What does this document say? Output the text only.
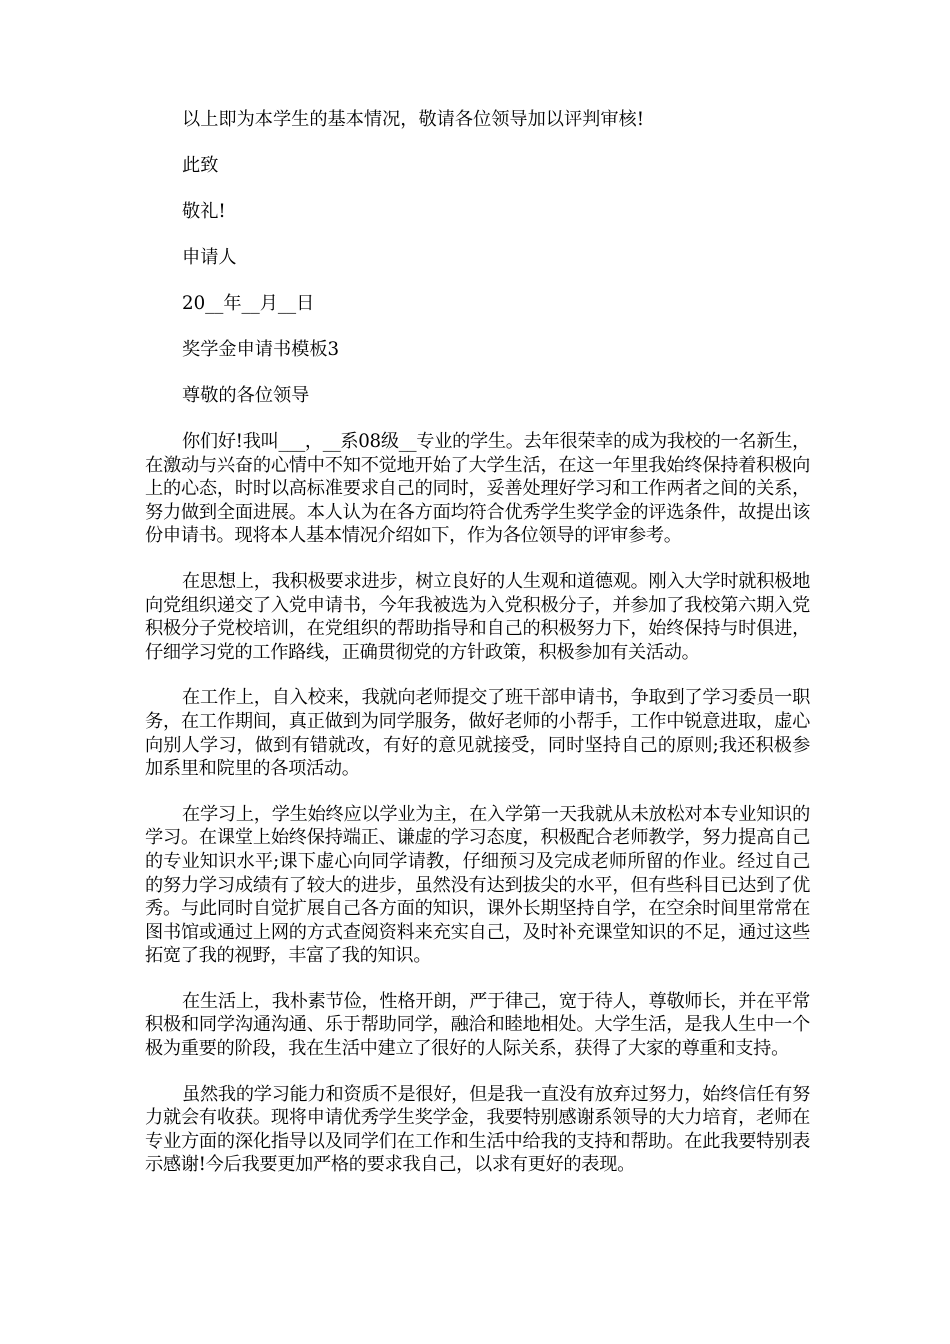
以上即为本学生的基本情况，敬请各位领导加以评判审核!

此致

敬礼!

申请人

20__年__月__日

奖学金申请书模板3

尊敬的各位领导

你们好!我叫___，__系08级__专业的学生。去年很荣幸的成为我校的一名新生，在激动与兴奋的心情中不知不觉地开始了大学生活，在这一年里我始终保持着积极向上的心态，时时以高标准要求自己的同时，妥善处理好学习和工作两者之间的关系，努力做到全面进展。本人认为在各方面均符合优秀学生奖学金的评选条件，故提出该份申请书。现将本人基本情况介绍如下，作为各位领导的评审参考。

在思想上，我积极要求进步，树立良好的人生观和道德观。刚入大学时就积极地向党组织递交了入党申请书，今年我被选为入党积极分子，并参加了我校第六期入党积极分子党校培训，在党组织的帮助指导和自己的积极努力下，始终保持与时俱进，仔细学习党的工作路线，正确贯彻党的方针政策，积极参加有关活动。

在工作上，自入校来，我就向老师提交了班干部申请书，争取到了学习委员一职务，在工作期间，真正做到为同学服务，做好老师的小帮手，工作中锐意进取，虚心向别人学习，做到有错就改，有好的意见就接受，同时坚持自己的原则;我还积极参加系里和院里的各项活动。

在学习上，学生始终应以学业为主，在入学第一天我就从未放松对本专业知识的学习。在课堂上始终保持端正、谦虚的学习态度，积极配合老师教学，努力提高自己的专业知识水平;课下虚心向同学请教，仔细预习及完成老师所留的作业。经过自己的努力学习成绩有了较大的进步，虽然没有达到拔尖的水平，但有些科目已达到了优秀。与此同时自觉扩展自己各方面的知识，课外长期坚持自学，在空余时间里常常在图书馆或通过上网的方式查阅资料来充实自己，及时补充课堂知识的不足，通过这些拓宽了我的视野，丰富了我的知识。

在生活上，我朴素节俭，性格开朗，严于律己，宽于待人，尊敬师长，并在平常积极和同学沟通沟通、乐于帮助同学，融洽和睦地相处。大学生活，是我人生中一个极为重要的阶段，我在生活中建立了很好的人际关系，获得了大家的尊重和支持。

虽然我的学习能力和资质不是很好，但是我一直没有放弃过努力，始终信任有努力就会有收获。现将申请优秀学生奖学金，我要特别感谢系领导的大力培育，老师在专业方面的深化指导以及同学们在工作和生活中给我的支持和帮助。在此我要特别表示感谢!今后我要更加严格的要求我自己，以求有更好的表现。
